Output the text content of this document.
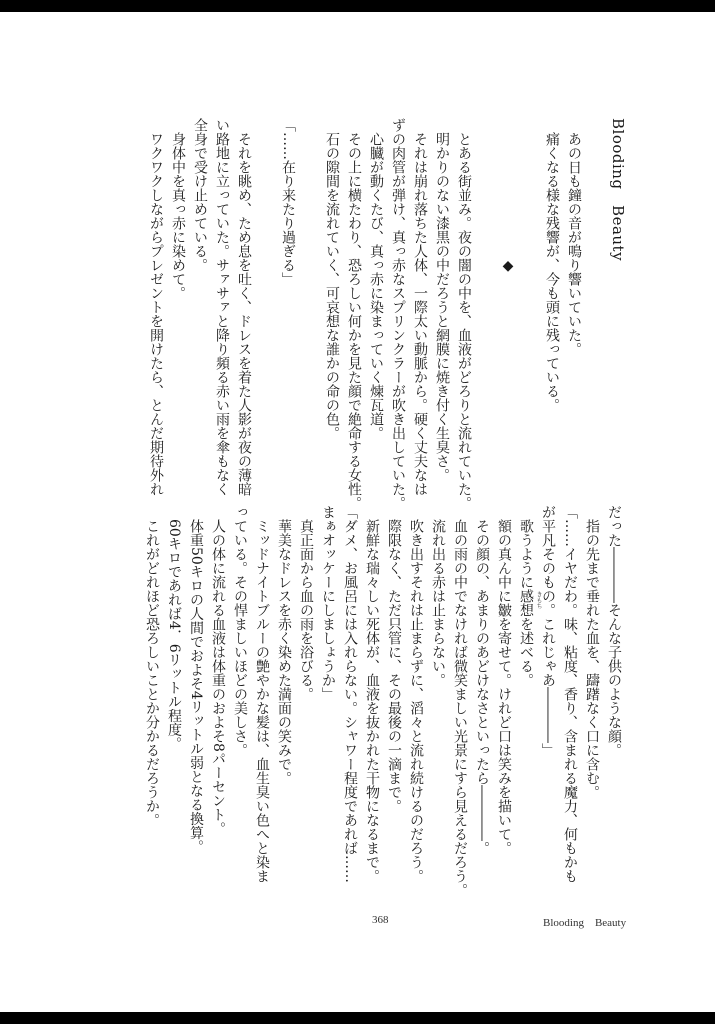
Blooding　Beauty
　あの日も鐘の音が鳴り響いていた。
　痛くなる様な残響が、今も頭に残っている。
◆
　とある街並み。夜の闇の中を、血液がどろりと流れていた。
　明かりのない漆黒の中だろうと網膜に焼き付く生臭さ。
　それは崩れ落ちた人体、一際太い動脈から。硬く丈夫なは
ずの肉管が弾け、真っ赤なスプリンクラーが吹き出していた。
　心臓が動くたび、真っ赤に染まっていく煉瓦道。
　その上に横たわり、恐ろしい何かを見た顔で絶命する女性。
　石の隙間を流れていく、可哀想な誰かの命の色。
「……在り来たり過ぎる」
　それを眺め、ため息を吐く、ドレスを着た人影が夜の薄暗
い路地に立っていた。サァサァと降り頻る赤い雨を傘もなく
全身で受け止めている。
　身体中を真っ赤に染めて。
　ワクワクしながらプレゼントを開けたら、とんだ期待外れ
だった――――そんな子供のような顔。
　指の先まで垂れた血を、躊躇なく口に含む。
「……イヤだわ。味、粘度、香り、含まれる魔力、何もかも
が平凡そのもの。これじゃあ――――」
　歌うように感想を述べる。 きもち
　額の真ん中に皺を寄せて。けれど口は笑みを描いて。
　その顔の、あまりのあどけなさといったら――――。
　血の雨の中でなければ微笑ましい光景にすら見えるだろう。
　流れ出る赤は止まらない。
　吹き出すそれは止まらずに、滔々と流れ続けるのだろう。
　際限なく、ただ只管に、その最後の一滴まで。
　新鮮な瑞々しい死体が、血液を抜かれた干物になるまで。
「ダメ、お風呂には入れらない。シャワー程度であれば……
まぁオッケーにしましょうか」
　真正面から血の雨を浴びる。
　華美なドレスを赤く染めた満面の笑みで。
　ミッドナイトブルーの艶やかな髪は、血生臭い色へと染ま
っている。その悍ましいほどの美しさ。
　人の体に流れる血液は体重のおよそ8パーセント。
　体重50キロの人間でおよそ4リットル弱となる換算。
　60キロであれば4．6リットル程度。
　これがどれほど恐ろしいことか分かるだろうか。
368	Blooding　Beauty
